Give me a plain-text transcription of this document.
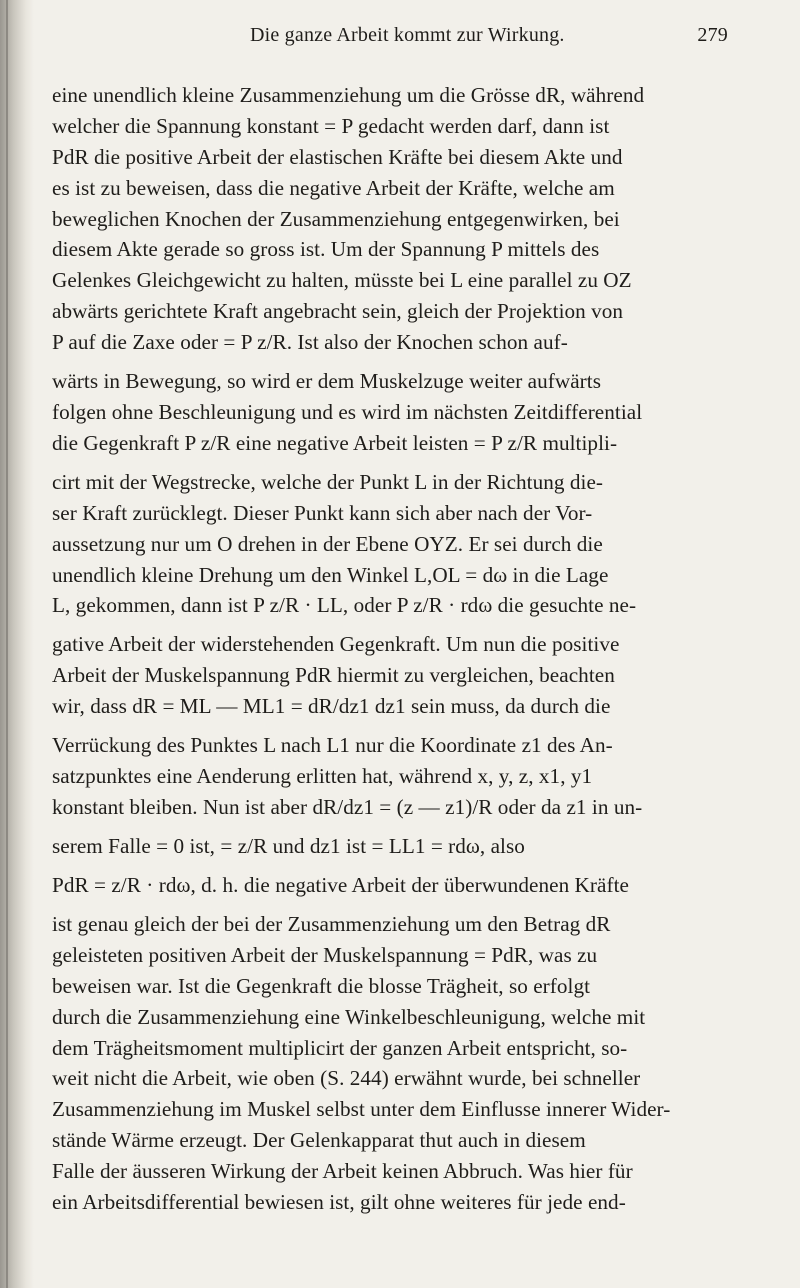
Die ganze Arbeit kommt zur Wirkung.	279
eine unendlich kleine Zusammenziehung um die Grösse dR, während
welcher die Spannung konstant = P gedacht werden darf, dann ist
PdR die positive Arbeit der elastischen Kräfte bei diesem Akte und
es ist zu beweisen, dass die negative Arbeit der Kräfte, welche am
beweglichen Knochen der Zusammenziehung entgegenwirken, bei
diesem Akte gerade so gross ist. Um der Spannung P mittels des
Gelenkes Gleichgewicht zu halten, müsste bei L eine parallel zu OZ
abwärts gerichtete Kraft angebracht sein, gleich der Projektion von
P auf die Zaxe oder = P z/R. Ist also der Knochen schon auf-
wärts in Bewegung, so wird er dem Muskelzuge weiter aufwärts
folgen ohne Beschleunigung und es wird im nächsten Zeitdifferential
die Gegenkraft P z/R eine negative Arbeit leisten = P z/R multipli-
cirt mit der Wegstrecke, welche der Punkt L in der Richtung die-
ser Kraft zurücklegt. Dieser Punkt kann sich aber nach der Vor-
aussetzung nur um O drehen in der Ebene OYZ. Er sei durch die
unendlich kleine Drehung um den Winkel L,OL = dω in die Lage
L, gekommen, dann ist P z/R · LL, oder P z/R · rdω die gesuchte ne-
gative Arbeit der widerstehenden Gegenkraft. Um nun die positive
Arbeit der Muskelspannung PdR hiermit zu vergleichen, beachten
wir, dass dR = ML — ML1 = dR/dz1 dz1 sein muss, da durch die
Verrückung des Punktes L nach L1 nur die Koordinate z1 des An-
satzpunktes eine Aenderung erlitten hat, während x, y, z, x1, y1
konstant bleiben. Nun ist aber dR/dz1 = (z — z1)/R oder da z1 in un-
serem Falle = 0 ist, = z/R und dz1 ist = LL1 = rdω, also
PdR = z/R · rdω, d. h. die negative Arbeit der überwundenen Kräfte
ist genau gleich der bei der Zusammenziehung um den Betrag dR
geleisteten positiven Arbeit der Muskelspannung = PdR, was zu
beweisen war. Ist die Gegenkraft die blosse Trägheit, so erfolgt
durch die Zusammenziehung eine Winkelbeschleunigung, welche mit
dem Trägheitsmoment multiplicirt der ganzen Arbeit entspricht, so-
weit nicht die Arbeit, wie oben (S. 244) erwähnt wurde, bei schneller
Zusammenziehung im Muskel selbst unter dem Einflusse innerer Wider-
stände Wärme erzeugt. Der Gelenkapparat thut auch in diesem
Falle der äusseren Wirkung der Arbeit keinen Abbruch. Was hier für
ein Arbeitsdifferential bewiesen ist, gilt ohne weiteres für jede end-
